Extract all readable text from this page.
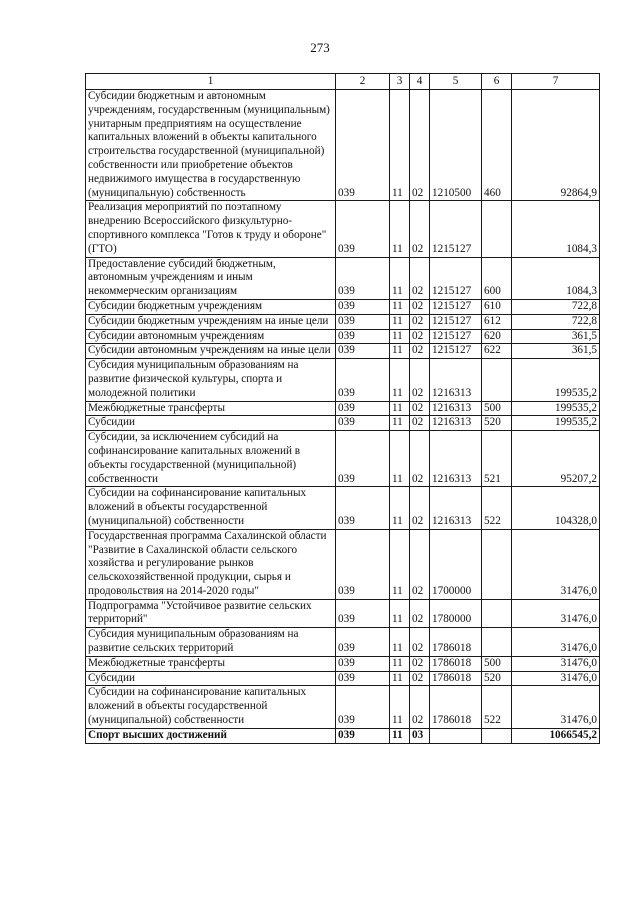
273
1	2	3	4	5	6	7
Субсидии бюджетным и автономным учреждениям, государственным (муниципальным) унитарным предприятиям на осуществление капитальных вложений в объекты капитального строительства государственной (муниципальной) собственности или приобретение объектов недвижимого имущества в государственную (муниципальную) собственность	039	11	02	1210500	460	92864,9
Реализация мероприятий по поэтапному внедрению Всероссийского физкультурно-спортивного комплекса "Готов к труду и обороне" (ГТО)	039	11	02	1215127		1084,3
Предоставление субсидий бюджетным, автономным учреждениям и иным некоммерческим организациям	039	11	02	1215127	600	1084,3
Субсидии бюджетным учреждениям	039	11	02	1215127	610	722,8
Субсидии бюджетным учреждениям на иные цели	039	11	02	1215127	612	722,8
Субсидии автономным учреждениям	039	11	02	1215127	620	361,5
Субсидии автономным учреждениям на иные цели	039	11	02	1215127	622	361,5
Субсидия муниципальным образованиям на развитие физической культуры, спорта и молодежной политики	039	11	02	1216313		199535,2
Межбюджетные трансферты	039	11	02	1216313	500	199535,2
Субсидии	039	11	02	1216313	520	199535,2
Субсидии, за исключением субсидий на софинансирование капитальных вложений в объекты государственной (муниципальной) собственности	039	11	02	1216313	521	95207,2
Субсидии на софинансирование капитальных вложений в объекты государственной (муниципальной) собственности	039	11	02	1216313	522	104328,0
Государственная программа Сахалинской области "Развитие в Сахалинской области сельского хозяйства и регулирование рынков сельскохозяйственной продукции, сырья и продовольствия на 2014-2020 годы"	039	11	02	1700000		31476,0
Подпрограмма "Устойчивое развитие сельских территорий"	039	11	02	1780000		31476,0
Субсидия муниципальным образованиям на развитие сельских территорий	039	11	02	1786018		31476,0
Межбюджетные трансферты	039	11	02	1786018	500	31476,0
Субсидии	039	11	02	1786018	520	31476,0
Субсидии на софинансирование капитальных вложений в объекты государственной (муниципальной) собственности	039	11	02	1786018	522	31476,0
Спорт высших достижений	039	11	03			1066545,2
